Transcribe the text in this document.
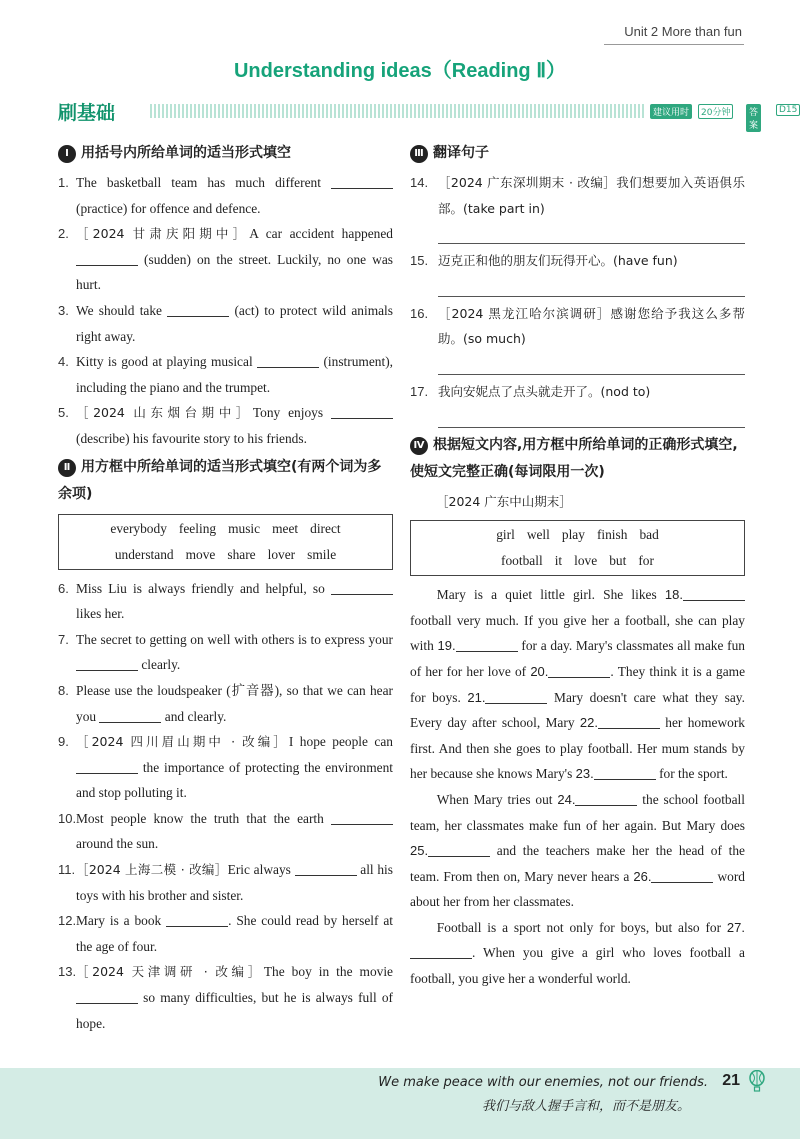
Unit 2 More than fun
Understanding ideas（Reading Ⅱ）
刷基础	建议用时	20分钟	答案
D15
Ⅰ 用括号内所给单词的适当形式填空
1. The basketball team has much different  (practice) for offence and defence.
2. ［2024 甘肃庆阳期中］A car accident happened  (sudden) on the street. Luckily, no one was hurt.
3. We should take	(act) to protect wild animals right away.
4. Kitty is good at playing musical	(instrument), including the piano and the trumpet.
5. ［2024 山东烟台期中］Tony enjoys  (describe) his favourite story to his friends.
Ⅱ 用方框中所给单词的适当形式填空(有两个词为多余项)
everybody feeling music meet direct
understand move share lover smile
6. Miss Liu is always friendly and helpful, so  likes her.
7. The secret to getting on well with others is to express your  clearly.
8. Please use the loudspeaker (扩音器), so that we can hear you	and clearly.
9. ［2024 四川眉山期中 · 改编］I hope people can  the importance of protecting the environment and stop polluting it.
10. Most people know the truth that the earth  around the sun.
11. ［2024 上海二模 · 改编］Eric always	all his toys with his brother and sister.
12. Mary is a book	. She could read by herself at the age of four.
13. ［2024 天津调研 · 改编］The boy in the movie  so many difficulties, but he is always full of hope.
Ⅲ 翻译句子
14. ［2024 广东深圳期末 · 改编］我们想要加入英语俱乐部。(take part in)
15. 迈克正和他的朋友们玩得开心。(have fun)
16. ［2024 黑龙江哈尔滨调研］感谢您给予我这么多帮助。(so much)
17. 我向安妮点了点头就走开了。(nod to)
Ⅳ 根据短文内容,用方框中所给单词的正确形式填空,使短文完整正确(每词限用一次)
［2024 广东中山期末］
girl well play finish bad
football it love but for
Mary is a quiet little girl. She likes 18. football very much. If you give her a football, she can play with 19.	for a day. Mary's classmates all make fun of her for her love of 20.	. They think it is a game for boys. 21.	Mary doesn't care what they say. Every day after school, Mary 22.	her homework first. And then she goes to play football. Her mum stands by her because she knows Mary's 23.	for the sport.
When Mary tries out 24.	the school football team, her classmates make fun of her again. But Mary does 25.	and the teachers make her the head of the team. From then on, Mary never hears a 26.	word about her from her classmates.
Football is a sport not only for boys, but also for 27.. When you give a girl who loves football a football, you give her a wonderful world.
We make peace with our enemies, not our friends.
我们与敌人握手言和，而不是朋友。
21
